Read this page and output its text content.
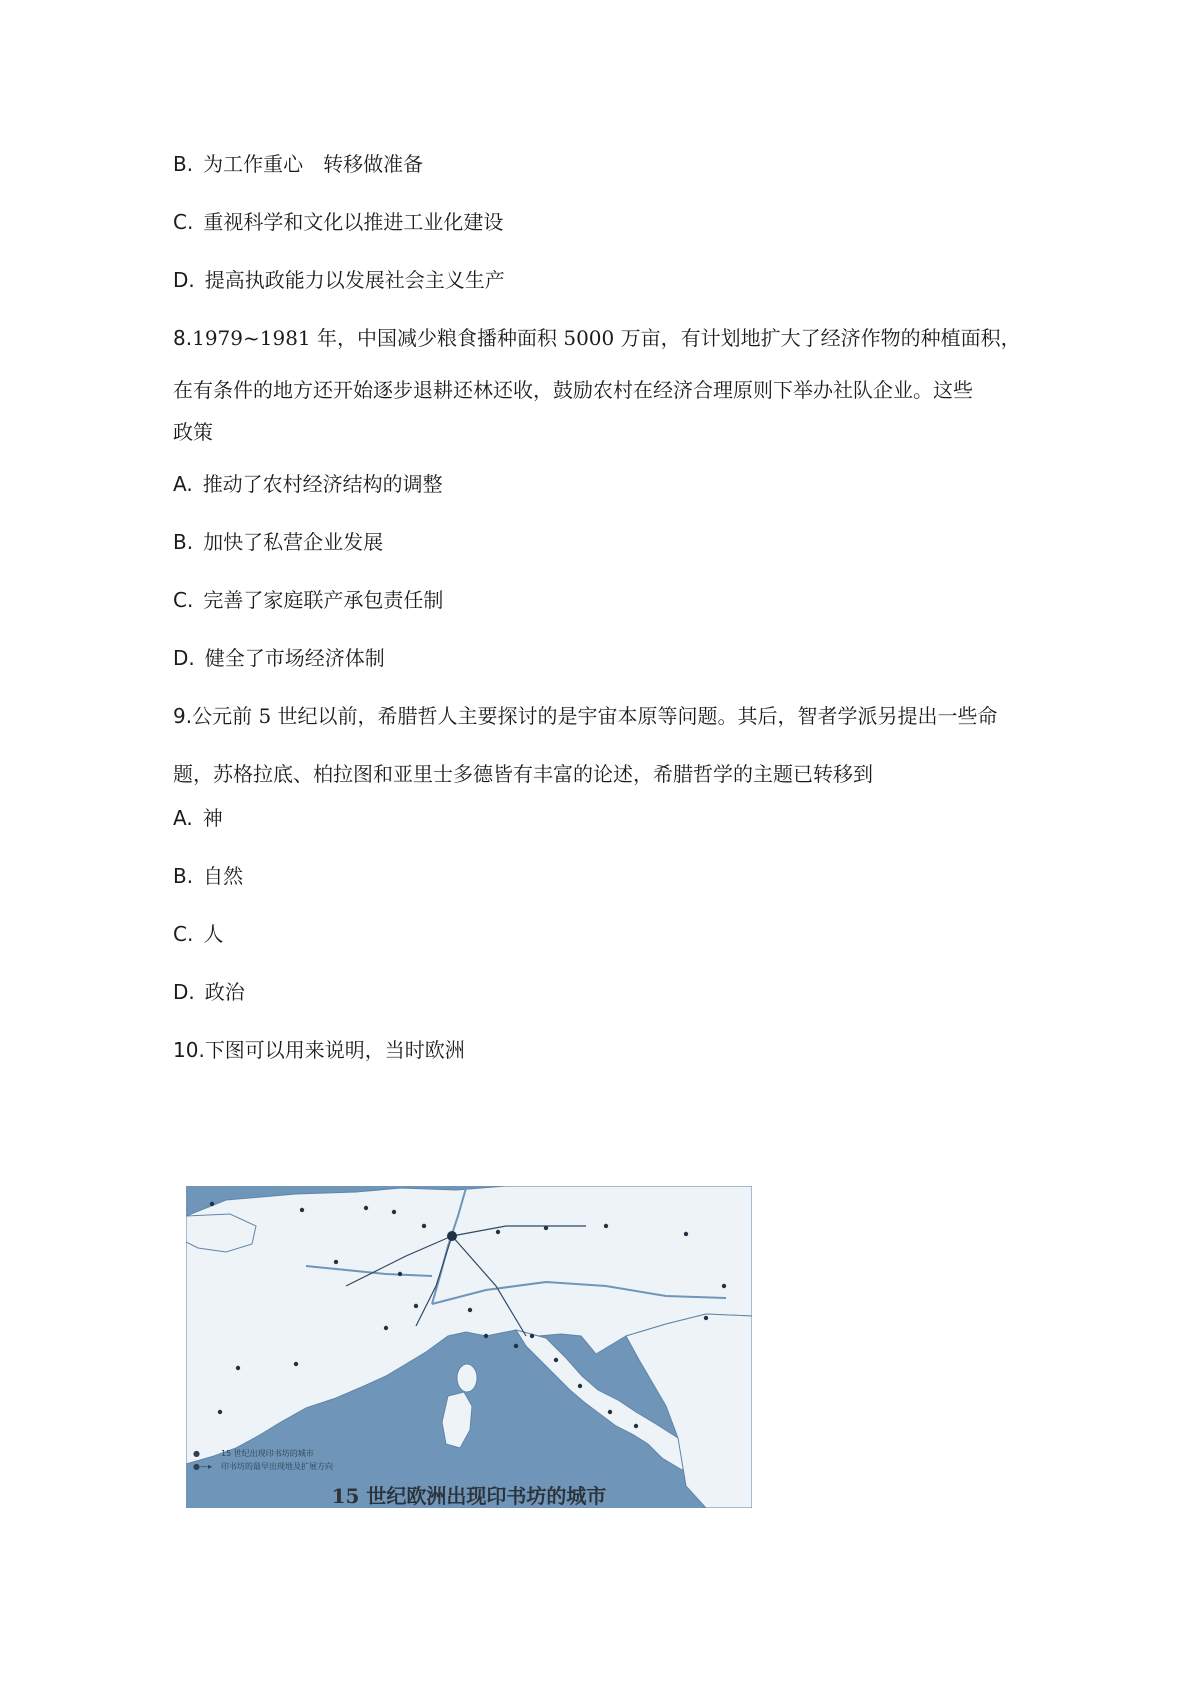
B. 为工作重心　转移做准备
C. 重视科学和文化以推进工业化建设
D. 提高执政能力以发展社会主义生产
8.1979~1981 年，中国减少粮食播种面积 5000 万亩，有计划地扩大了经济作物的种植面积，
在有条件的地方还开始逐步退耕还林还收，鼓励农村在经济合理原则下举办社队企业。这些
政策
A. 推动了农村经济结构的调整
B. 加快了私营企业发展
C. 完善了家庭联产承包责任制
D. 健全了市场经济体制
9.公元前 5 世纪以前，希腊哲人主要探讨的是宇宙本原等问题。其后，智者学派另提出一些命
题，苏格拉底、柏拉图和亚里士多德皆有丰富的论述，希腊哲学的主题已转移到
A. 神
B. 自然
C. 人
D. 政治
10.下图可以用来说明，当时欧洲
●	15 世纪出现印书坊的城市
●—▸	印书坊的最早出现地及扩展方向
15 世纪欧洲出现印书坊的城市
